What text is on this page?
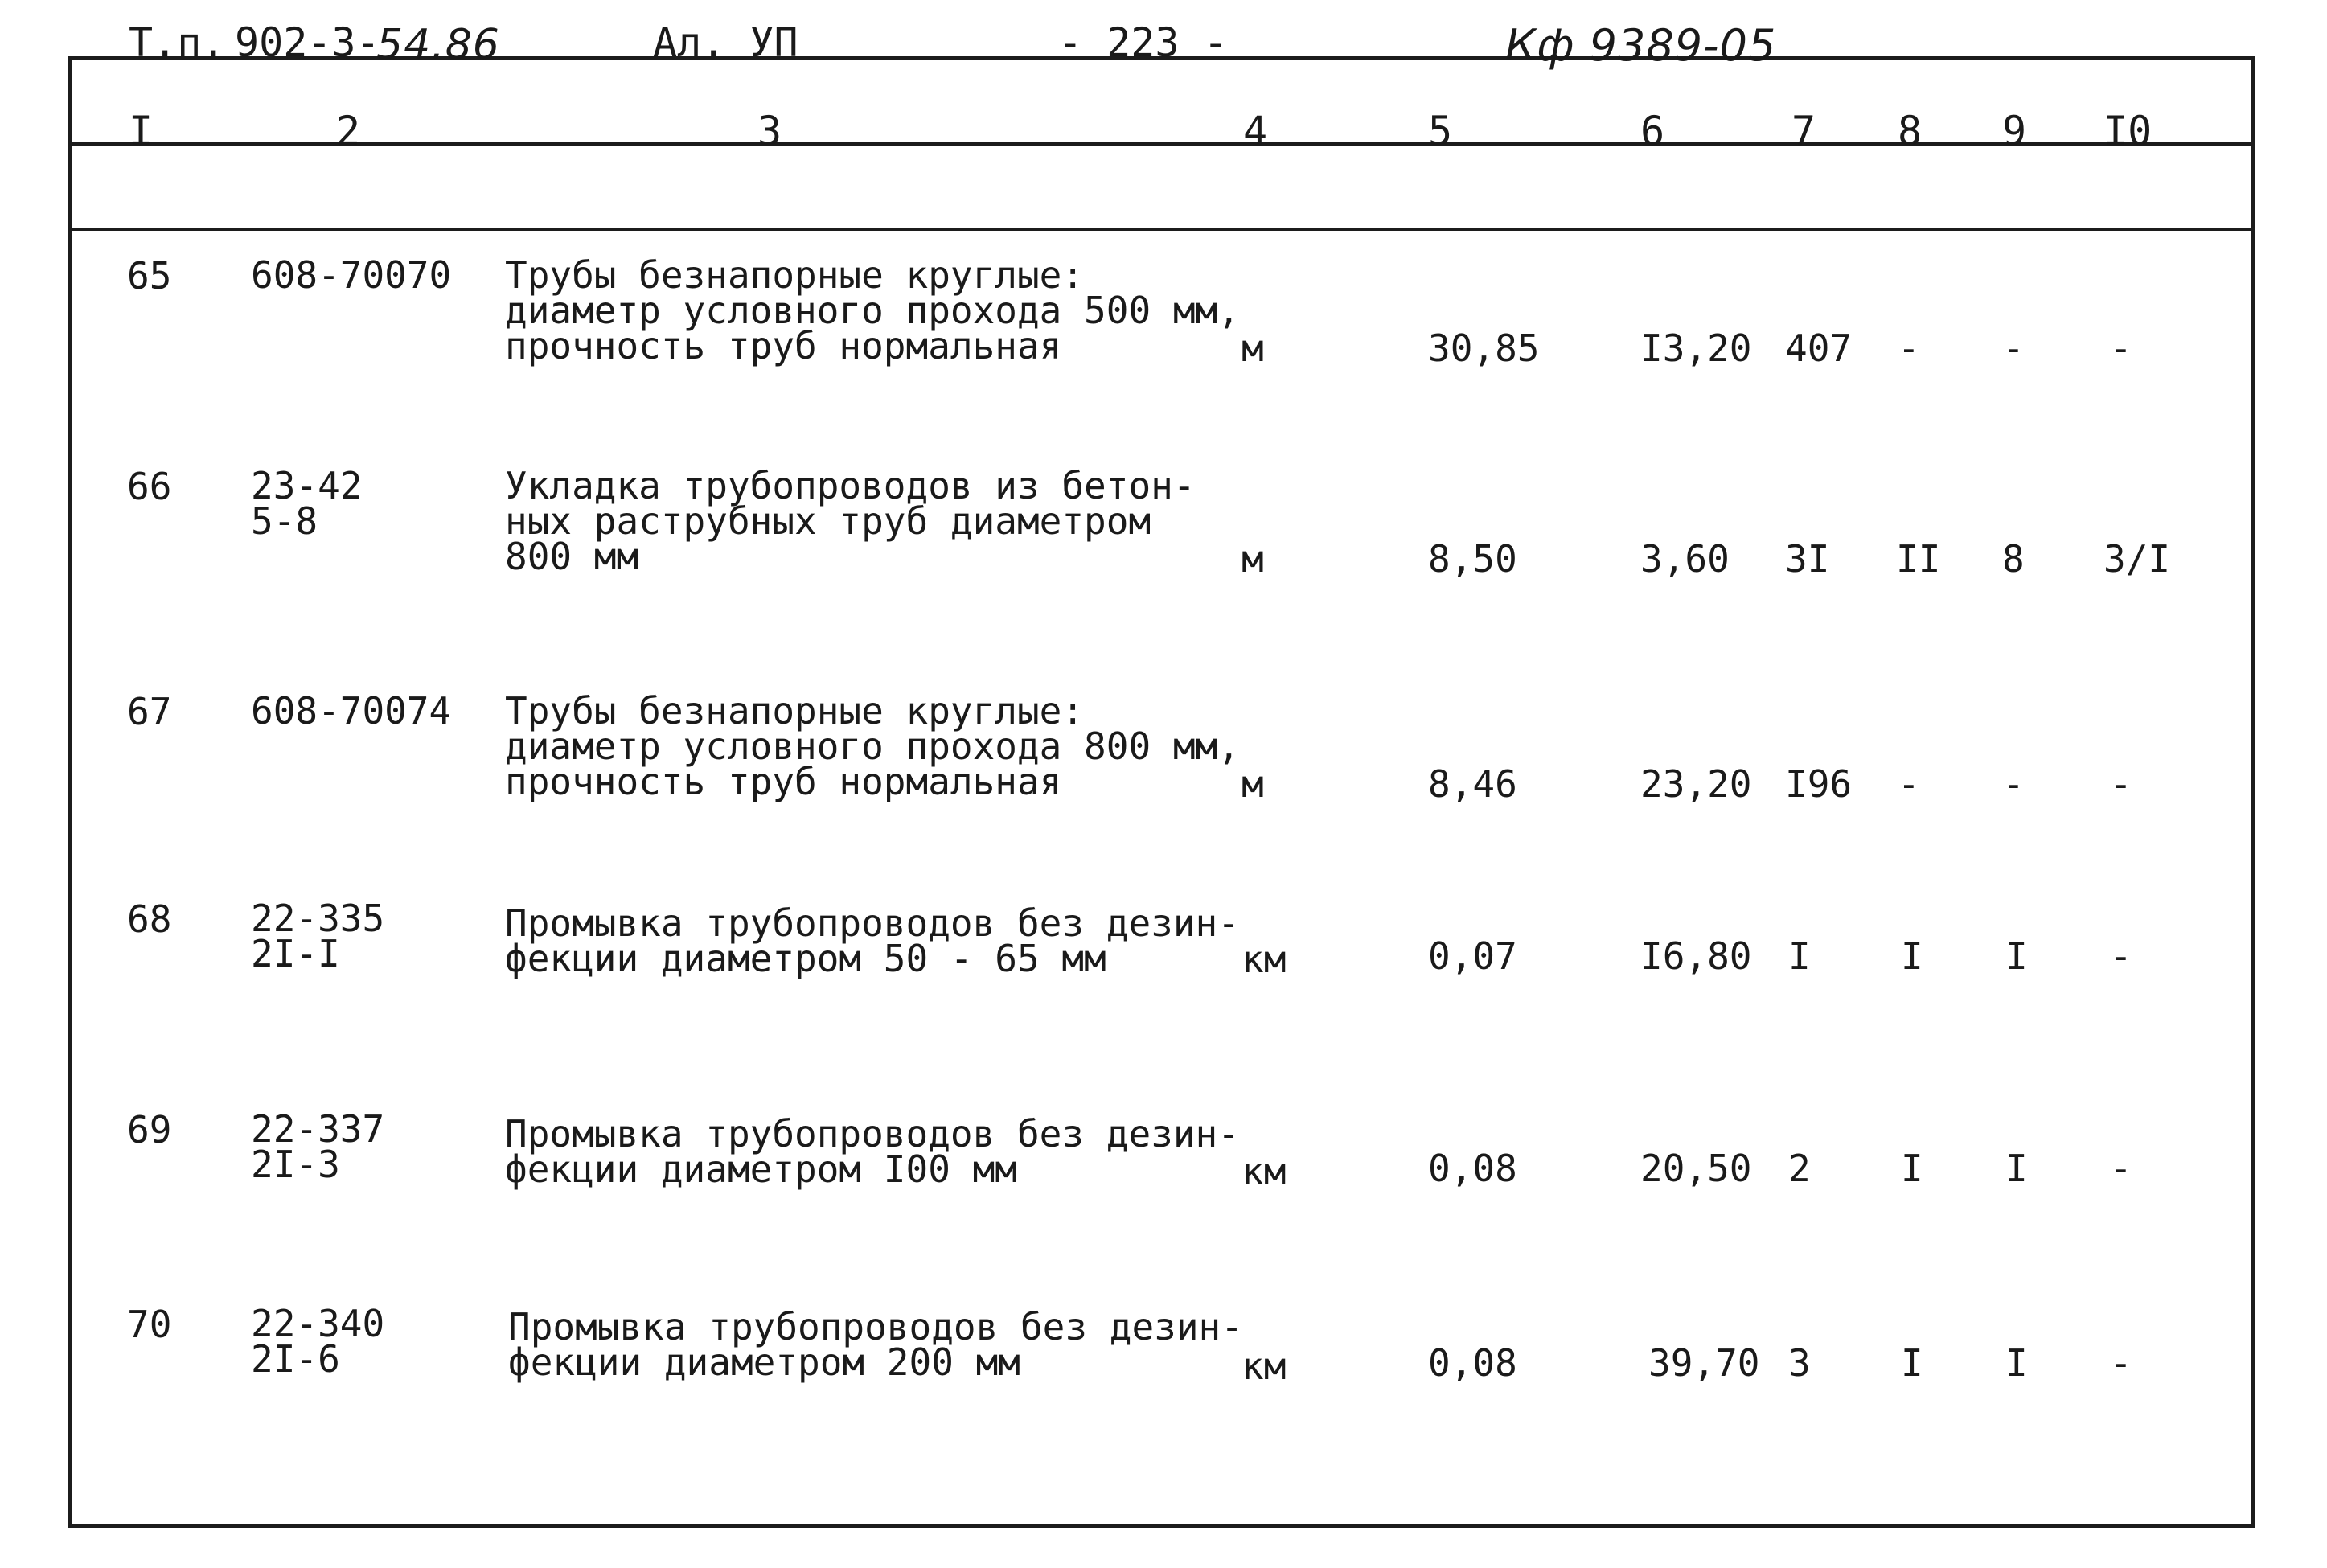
Т.п. 902-3-
54.86	Ал. УП	- 223 -	Кф 9389-05
I	2	3	4	5	6	7 8 9 I0
65 608-70070 Трубы безнапорные круглые:
диаметр условного прохода 500 мм,
прочность труб нормальная	м	30,85	I3,20 407 - - -
66 23-42
5-8
Укладка трубопроводов из бетон-
ных раструбных труб диаметром
800 мм	м	8,50	3,60 3I II 8 3/I
67 608-70074 Трубы безнапорные круглые:
диаметр условного прохода 800 мм,
прочность труб нормальная	м	8,46	23,20 I96 - - -
68 22-335
2I-I
Промывка трубопроводов без дезин-
фекции диаметром 50 - 65 мм	км	0,07	I6,80 I I I -
69 22-337
2I-3
Промывка трубопроводов без дезин-
фекции диаметром I00 мм	км	0,08	20,50 2 I I -
70 22-340
2I-6
Промывка трубопроводов без дезин-
фекции диаметром 200 мм	км	0,08	39,70 3 I I -
